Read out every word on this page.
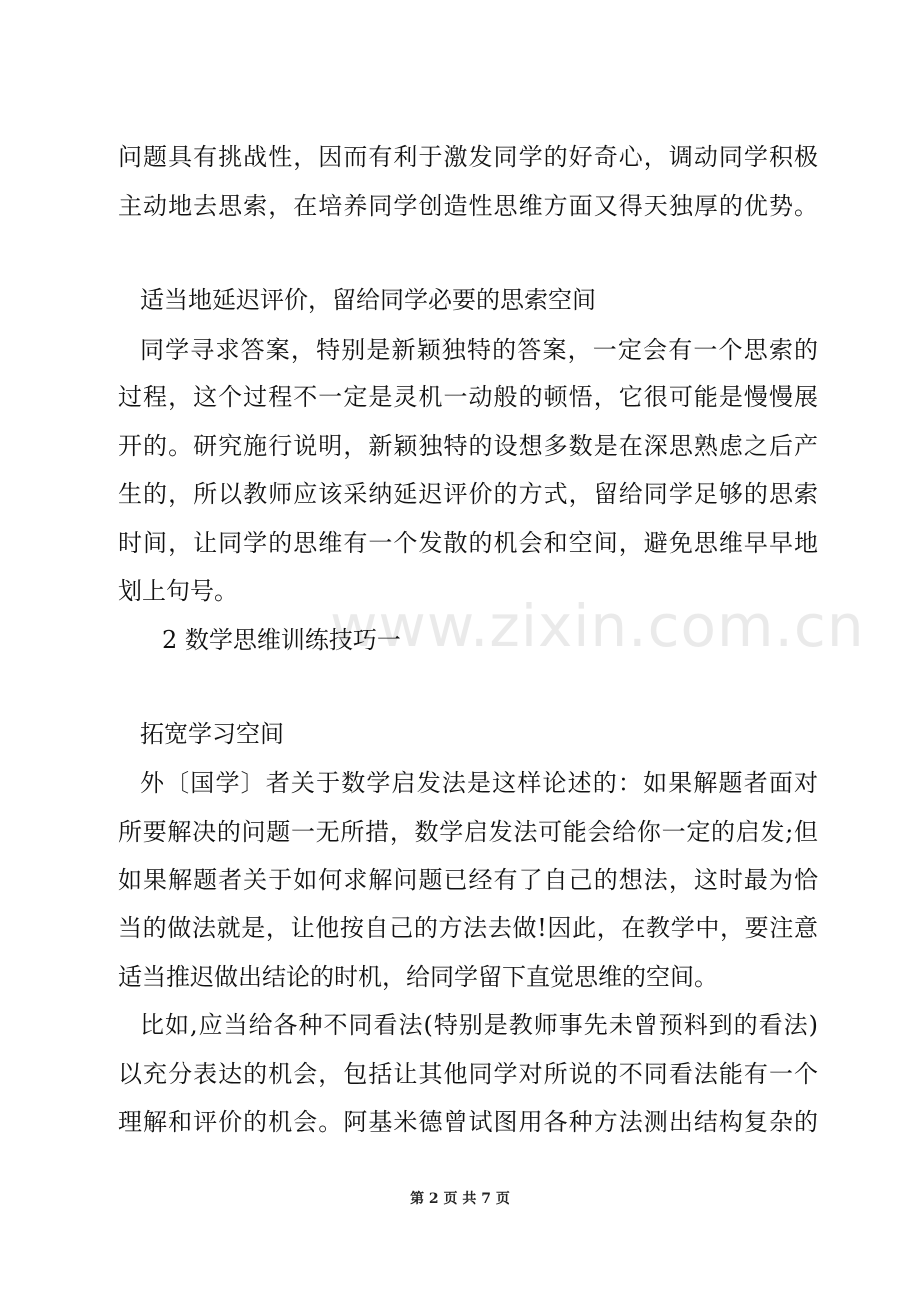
www.zixin.com.cn
问题具有挑战性，因而有利于激发同学的好奇心，调动同学积极
主动地去思索，在培养同学创造性思维方面又得天独厚的优势。
适当地延迟评价，留给同学必要的思索空间
同学寻求答案，特别是新颖独特的答案，一定会有一个思索的
过程，这个过程不一定是灵机一动般的顿悟，它很可能是慢慢展
开的。研究施行说明，新颖独特的设想多数是在深思熟虑之后产
生的，所以教师应该采纳延迟评价的方式，留给同学足够的思索
时间，让同学的思维有一个发散的机会和空间，避免思维早早地
划上句号。
2 数学思维训练技巧一
拓宽学习空间
外〔国学〕者关于数学启发法是这样论述的：如果解题者面对
所要解决的问题一无所措，数学启发法可能会给你一定的启发;但
如果解题者关于如何求解问题已经有了自己的想法，这时最为恰
当的做法就是，让他按自己的方法去做!因此，在教学中，要注意
适当推迟做出结论的时机，给同学留下直觉思维的空间。
比如,应当给各种不同看法(特别是教师事先未曾预料到的看法)
以充分表达的机会，包括让其他同学对所说的不同看法能有一个
理解和评价的机会。阿基米德曾试图用各种方法测出结构复杂的
第 2 页 共 7 页
